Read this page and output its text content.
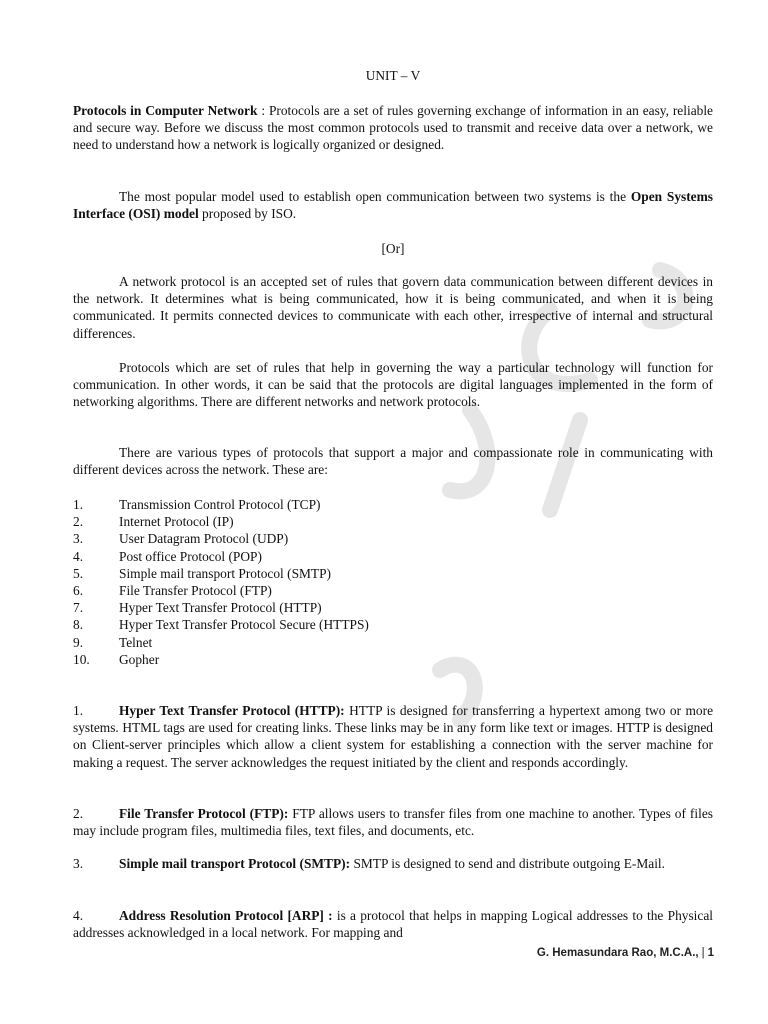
UNIT – V

Protocols in Computer Network : Protocols are a set of rules governing exchange of information in an easy, reliable and secure way. Before we discuss the most common protocols used to transmit and receive data over a network, we need to understand how a network is logically organized or designed.

The most popular model used to establish open communication between two systems is the Open Systems Interface (OSI) model proposed by ISO.

[Or]

A network protocol is an accepted set of rules that govern data communication between different devices in the network. It determines what is being communicated, how it is being communicated, and when it is being communicated. It permits connected devices to communicate with each other, irrespective of internal and structural differences.

Protocols which are set of rules that help in governing the way a particular technology will function for communication. In other words, it can be said that the protocols are digital languages implemented in the form of networking algorithms. There are different networks and network protocols.

There are various types of protocols that support a major and compassionate role in communicating with different devices across the network. These are:

1.	Transmission Control Protocol (TCP)
2.	Internet Protocol (IP)
3.	User Datagram Protocol (UDP)
4.	Post office Protocol (POP)
5.	Simple mail transport Protocol (SMTP)
6.	File Transfer Protocol (FTP)
7.	Hyper Text Transfer Protocol (HTTP)
8.	Hyper Text Transfer Protocol Secure (HTTPS)
9.	Telnet
10.	Gopher

1.	Hyper Text Transfer Protocol (HTTP): HTTP is designed for transferring a hypertext among two or more systems. HTML tags are used for creating links. These links may be in any form like text or images. HTTP is designed on Client-server principles which allow a client system for establishing a connection with the server machine for making a request. The server acknowledges the request initiated by the client and responds accordingly.

2.	File Transfer Protocol (FTP): FTP allows users to transfer files from one machine to another. Types of files may include program files, multimedia files, text files, and documents, etc.

3.	Simple mail transport Protocol (SMTP): SMTP is designed to send and distribute outgoing E-Mail.

4.	Address Resolution Protocol [ARP] : is a protocol that helps in mapping Logical addresses to the Physical addresses acknowledged in a local network. For mapping and

G. Hemasundara Rao, M.C.A., | 1
